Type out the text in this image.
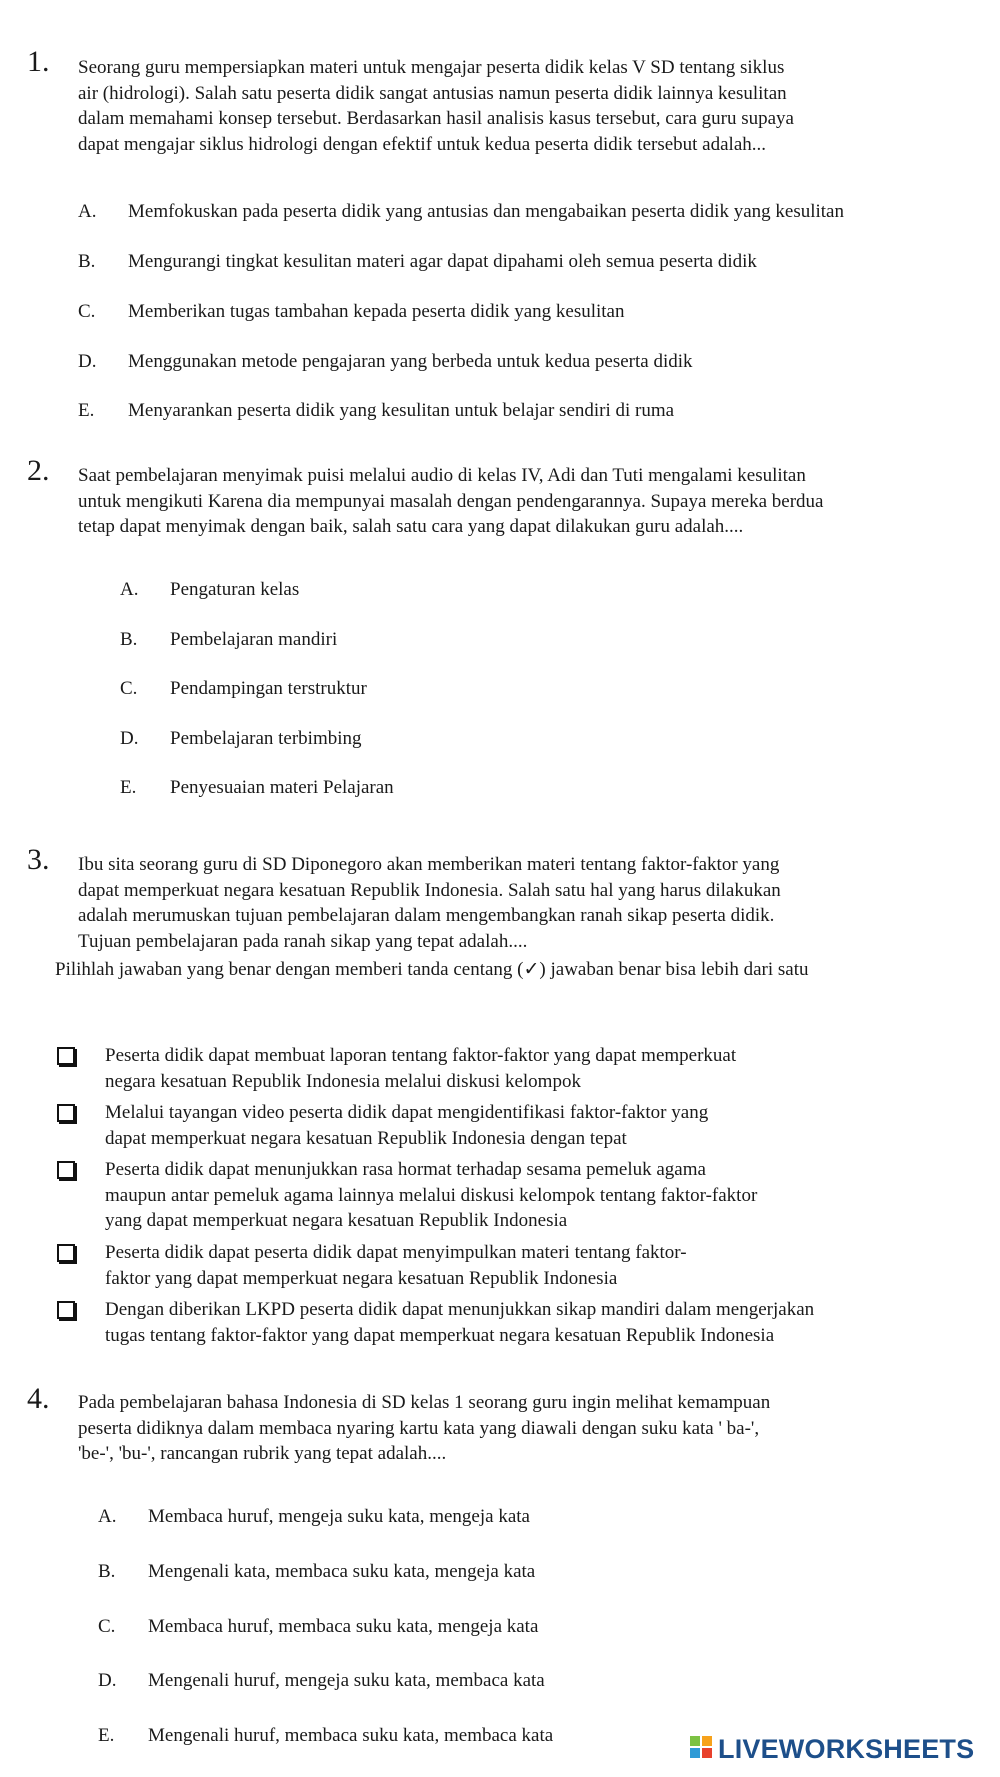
1. Seorang guru mempersiapkan materi untuk mengajar peserta didik kelas V SD tentang siklus
air (hidrologi). Salah satu peserta didik sangat antusias namun peserta didik lainnya kesulitan
dalam memahami konsep tersebut. Berdasarkan hasil analisis kasus tersebut, cara guru supaya
dapat mengajar siklus hidrologi dengan efektif untuk kedua peserta didik tersebut adalah...
A. Memfokuskan pada peserta didik yang antusias dan mengabaikan peserta didik yang kesulitan
B. Mengurangi tingkat kesulitan materi agar dapat dipahami oleh semua peserta didik
C. Memberikan tugas tambahan kepada peserta didik yang kesulitan
D. Menggunakan metode pengajaran yang berbeda untuk kedua peserta didik
E. Menyarankan peserta didik yang kesulitan untuk belajar sendiri di ruma
2. Saat pembelajaran menyimak puisi melalui audio di kelas IV, Adi dan Tuti mengalami kesulitan
untuk mengikuti Karena dia mempunyai masalah dengan pendengarannya. Supaya mereka berdua
tetap dapat menyimak dengan baik, salah satu cara yang dapat dilakukan guru adalah....
A. Pengaturan kelas
B. Pembelajaran mandiri
C. Pendampingan terstruktur
D. Pembelajaran terbimbing
E. Penyesuaian materi Pelajaran
3. Ibu sita seorang guru di SD Diponegoro akan memberikan materi tentang faktor-faktor yang
dapat memperkuat negara kesatuan Republik Indonesia. Salah satu hal yang harus dilakukan
adalah merumuskan tujuan pembelajaran dalam mengembangkan ranah sikap peserta didik.
Tujuan pembelajaran pada ranah sikap yang tepat adalah....
Pilihlah jawaban yang benar dengan memberi tanda centang (✓) jawaban benar bisa lebih dari satu
Peserta didik dapat membuat laporan tentang faktor-faktor yang dapat memperkuat
negara kesatuan Republik Indonesia melalui diskusi kelompok
Melalui tayangan video peserta didik dapat mengidentifikasi faktor-faktor yang
dapat memperkuat negara kesatuan Republik Indonesia dengan tepat
Peserta didik dapat menunjukkan rasa hormat terhadap sesama pemeluk agama
maupun antar pemeluk agama lainnya melalui diskusi kelompok tentang faktor-faktor
yang dapat memperkuat negara kesatuan Republik Indonesia
Peserta didik dapat peserta didik dapat menyimpulkan materi tentang faktor-
faktor yang dapat memperkuat negara kesatuan Republik Indonesia
Dengan diberikan LKPD peserta didik dapat menunjukkan sikap mandiri dalam mengerjakan
tugas tentang faktor-faktor yang dapat memperkuat negara kesatuan Republik Indonesia
4. Pada pembelajaran bahasa Indonesia di SD kelas 1 seorang guru ingin melihat kemampuan
peserta didiknya dalam membaca nyaring kartu kata yang diawali dengan suku kata ' ba-',
'be-', 'bu-', rancangan rubrik yang tepat adalah....
A. Membaca huruf, mengeja suku kata, mengeja kata
B. Mengenali kata, membaca suku kata, mengeja kata
C. Membaca huruf, membaca suku kata, mengeja kata
D. Mengenali huruf, mengeja suku kata, membaca kata
E. Mengenali huruf, membaca suku kata, membaca kata	LIVEWORKSHEETS
